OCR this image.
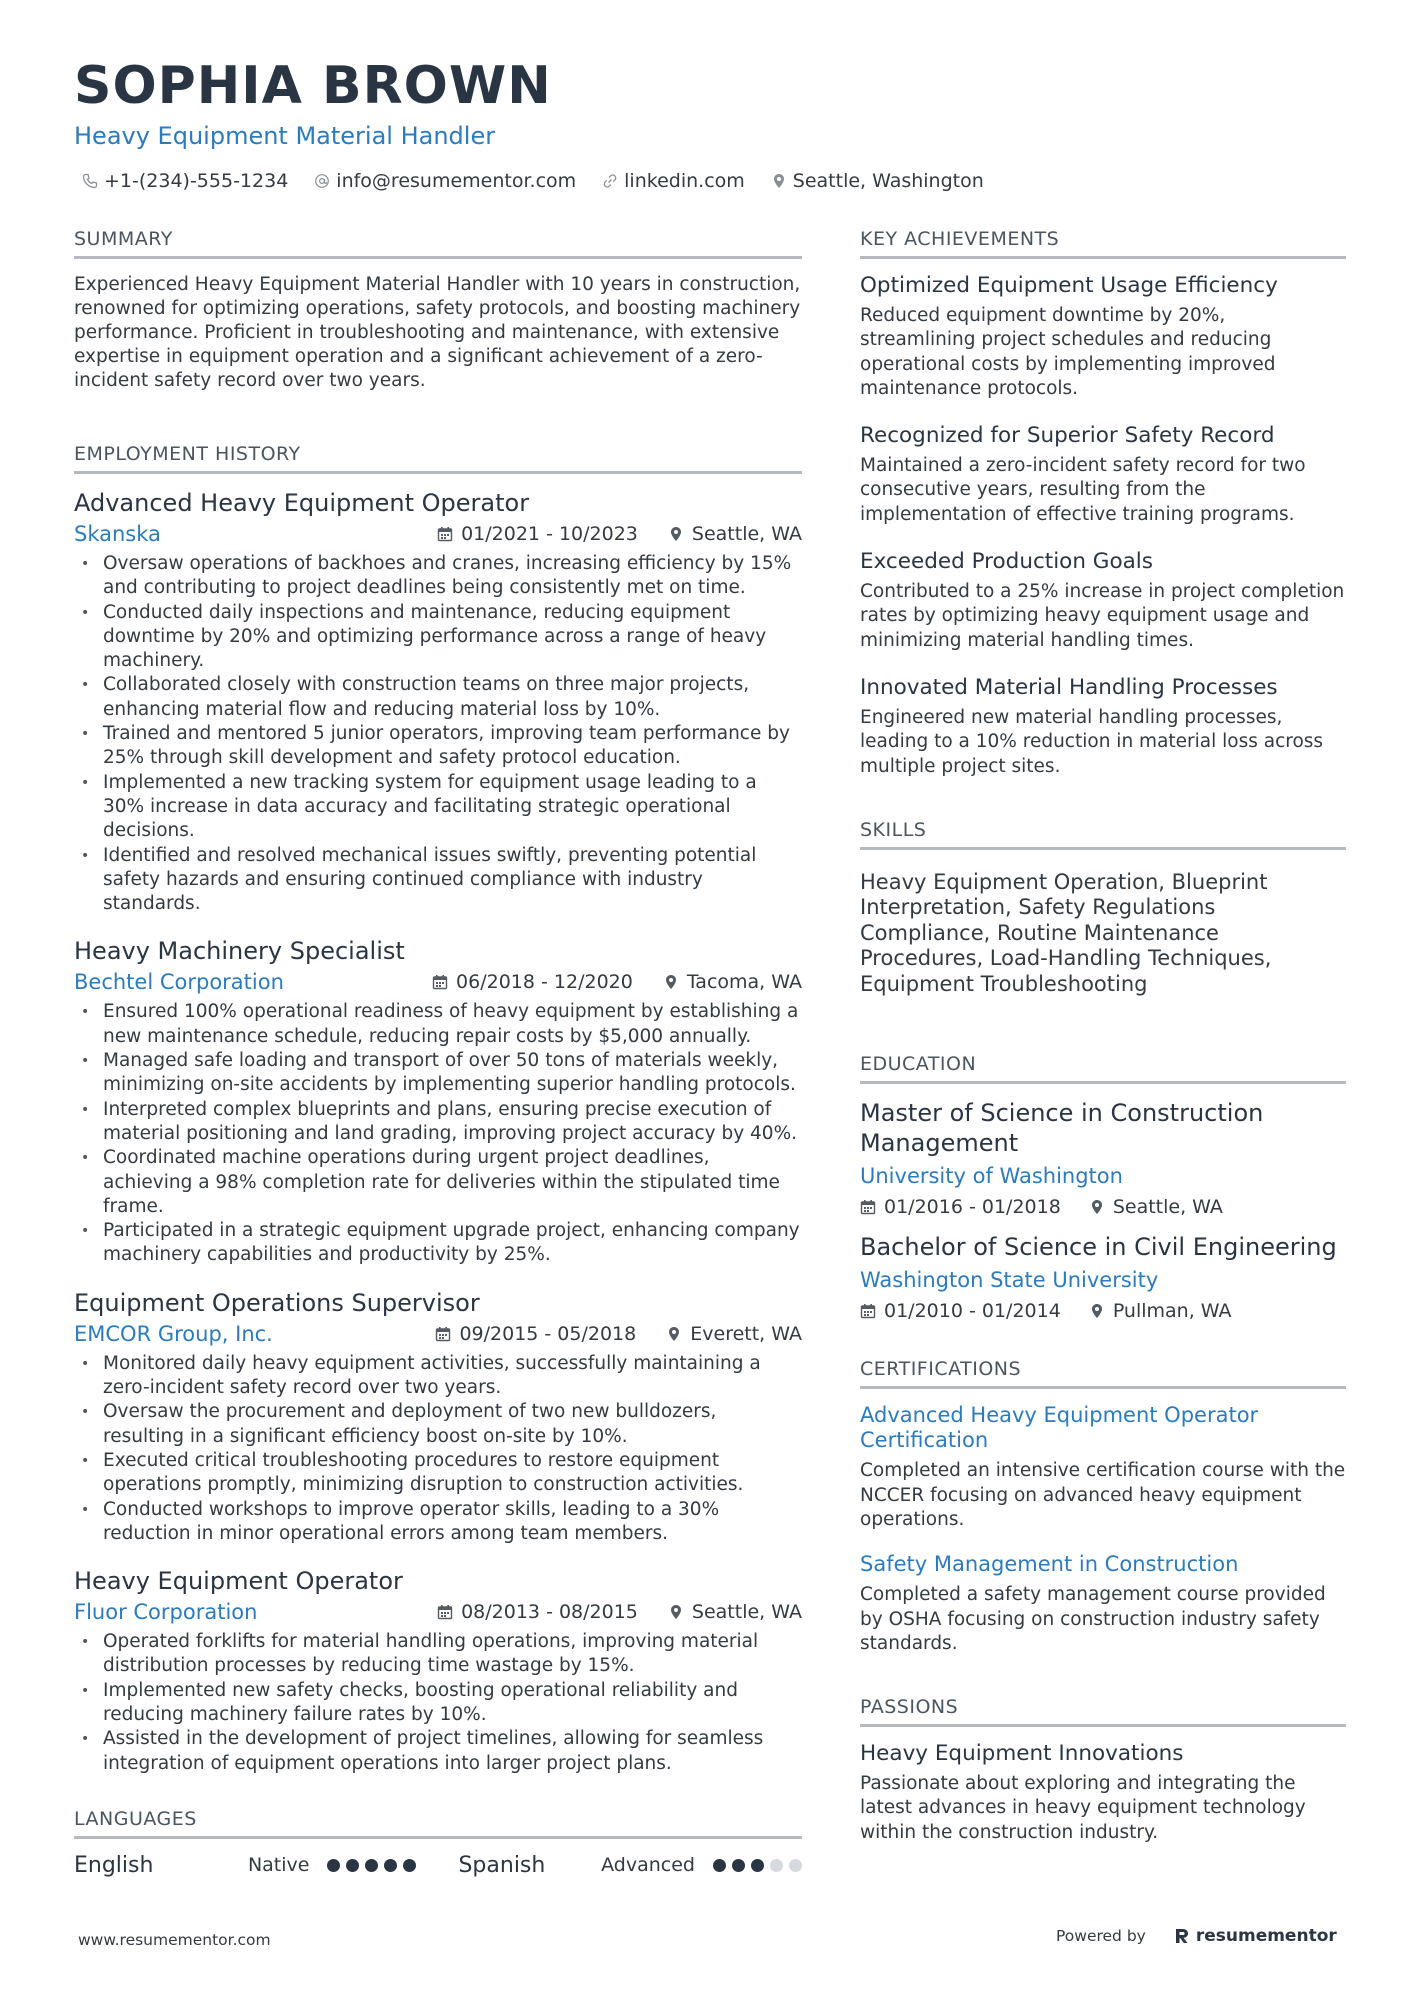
SOPHIA BROWN
Heavy Equipment Material Handler
+1-(234)-555-1234	info@resumementor.com	linkedin.com	Seattle, Washington
SUMMARY
Experienced Heavy Equipment Material Handler with 10 years in construction, renowned for optimizing operations, safety protocols, and boosting machinery performance. Proficient in troubleshooting and maintenance, with extensive expertise in equipment operation and a significant achievement of a zero-incident safety record over two years.
EMPLOYMENT HISTORY
Advanced Heavy Equipment Operator
Skanska	01/2021 - 10/2023	Seattle, WA
• Oversaw operations of backhoes and cranes, increasing efficiency by 15% and contributing to project deadlines being consistently met on time.
• Conducted daily inspections and maintenance, reducing equipment downtime by 20% and optimizing performance across a range of heavy machinery.
• Collaborated closely with construction teams on three major projects, enhancing material flow and reducing material loss by 10%.
• Trained and mentored 5 junior operators, improving team performance by 25% through skill development and safety protocol education.
• Implemented a new tracking system for equipment usage leading to a 30% increase in data accuracy and facilitating strategic operational decisions.
• Identified and resolved mechanical issues swiftly, preventing potential safety hazards and ensuring continued compliance with industry standards.
Heavy Machinery Specialist
Bechtel Corporation	06/2018 - 12/2020	Tacoma, WA
• Ensured 100% operational readiness of heavy equipment by establishing a new maintenance schedule, reducing repair costs by $5,000 annually.
• Managed safe loading and transport of over 50 tons of materials weekly, minimizing on-site accidents by implementing superior handling protocols.
• Interpreted complex blueprints and plans, ensuring precise execution of material positioning and land grading, improving project accuracy by 40%.
• Coordinated machine operations during urgent project deadlines, achieving a 98% completion rate for deliveries within the stipulated time frame.
• Participated in a strategic equipment upgrade project, enhancing company machinery capabilities and productivity by 25%.
Equipment Operations Supervisor
EMCOR Group, Inc.	09/2015 - 05/2018	Everett, WA
• Monitored daily heavy equipment activities, successfully maintaining a zero-incident safety record over two years.
• Oversaw the procurement and deployment of two new bulldozers, resulting in a significant efficiency boost on-site by 10%.
• Executed critical troubleshooting procedures to restore equipment operations promptly, minimizing disruption to construction activities.
• Conducted workshops to improve operator skills, leading to a 30% reduction in minor operational errors among team members.
Heavy Equipment Operator
Fluor Corporation	08/2013 - 08/2015	Seattle, WA
• Operated forklifts for material handling operations, improving material distribution processes by reducing time wastage by 15%.
• Implemented new safety checks, boosting operational reliability and reducing machinery failure rates by 10%.
• Assisted in the development of project timelines, allowing for seamless integration of equipment operations into larger project plans.
LANGUAGES
English	Native	Spanish	Advanced
KEY ACHIEVEMENTS
Optimized Equipment Usage Efficiency
Reduced equipment downtime by 20%, streamlining project schedules and reducing operational costs by implementing improved maintenance protocols.
Recognized for Superior Safety Record
Maintained a zero-incident safety record for two consecutive years, resulting from the implementation of effective training programs.
Exceeded Production Goals
Contributed to a 25% increase in project completion rates by optimizing heavy equipment usage and minimizing material handling times.
Innovated Material Handling Processes
Engineered new material handling processes, leading to a 10% reduction in material loss across multiple project sites.
SKILLS
Heavy Equipment Operation, Blueprint Interpretation, Safety Regulations Compliance, Routine Maintenance Procedures, Load-Handling Techniques, Equipment Troubleshooting
EDUCATION
Master of Science in Construction Management
University of Washington
01/2016 - 01/2018	Seattle, WA
Bachelor of Science in Civil Engineering
Washington State University
01/2010 - 01/2014	Pullman, WA
CERTIFICATIONS
Advanced Heavy Equipment Operator Certification
Completed an intensive certification course with the NCCER focusing on advanced heavy equipment operations.
Safety Management in Construction
Completed a safety management course provided by OSHA focusing on construction industry safety standards.
PASSIONS
Heavy Equipment Innovations
Passionate about exploring and integrating the latest advances in heavy equipment technology within the construction industry.
www.resumementor.com	Powered by	resumementor
